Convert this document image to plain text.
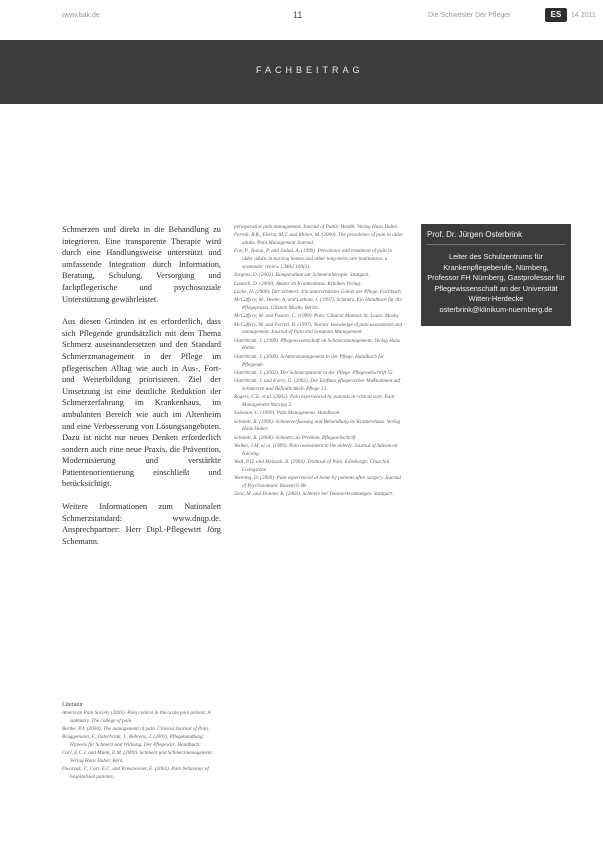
www.bak.de	11	Die Schwester Der Pfleger	ES	14 2011
FACHBEITRAG

Schmerzen und direkt in die Behandlung zu integrieren. Eine transparente Therapie wird durch eine Handlungsweise unterstützt und umfassende Integration durch Information, Beratung, Schulung, Versorgung und fachpflegerische und psychosoziale Unterstützung gewährleistet.

Aus diesen Gründen ist es erforderlich, dass sich Pflegende grundsätzlich mit dem Thema Schmerz auseinandersetzen und den Standard Schmerzmanagement in der Pflege im pflegerischen Alltag wie auch in Aus-, Fort- und Weiterbildung priorisieren. Ziel der Umsetzung ist eine deutliche Reduktion der Schmerzerfahrung im Krankenhaus, im ambulanten Bereich wie auch im Altenheim und eine Verbesserung von Lösungsangeboten. Dazu ist nicht nur neues Denken erforderlich sondern auch eine neue Praxis, die Prävention, Modernisierung und verstärkte Patientenorientierung einschließt und berücksichtigt.

Weitere Informationen zum Nationalen Schmerzstandard: www.dnqp.de. Ansprechpartner: Herr Dipl.-Pflegewirt Jörg Schemann.

Literatur
American Pain Society (2005). Pain control in the acute pain patient. A summary. The college of pain.
Bertke, P.J. (2004). The management of pain. Clinical Journal of Pain.
Brüggemann, F., Osterbrink, J., Behrens, J. (2002). Pflegehandlung: Hinweis für Schmerz und Wirkung. Der Pflegewirt, Handbuch.
Carr, E.C.J. and Mann, E.M. (2000). Schmerz und Schmerzmanagement. Verlag Hans Huber, Bern.
Dworzak, T., Carr, E.C. and Kreuzwieser, E. (2003). Pain behaviour of hospitalised patients.
perioperative pain management. Journal of Public Health. Verlag Hans Huber.
Ferrell, B.R., Eberts, M.T. and Rhiner, M. (2000). The prevalence of pain in older adults. Pain Management Journal.
Fox, P., Raina, P. and Jadad, A. (1999). Prevalence and treatment of pain in older adults in nursing homes and other long-term care institutions: a systematic review. CMAJ 160(3).
Jurgens, D. (2002). Kompendium zur Schmerztherapie. Stuttgart.
Laatsch, D. (2000). Akuter im Krankenhaus. Kliniken Verlag.
Lücke, H. (2000). Der Schmerz. Ein unterschätztes Gebiet der Pflege. Fachbuch.
McCaffery, M., Beebe, A. and Latham, J. (1997). Schmerz. Ein Handbuch für die Pflegepraxis. Ullstein Mosby, Berlin.
McCaffery, M. and Pasero, C. (1999). Pain: Clinical Manual. St. Louis: Mosby.
McCaffery, M. and Ferrell, B. (1997). Nurses' knowledge of pain assessment and management. Journal of Pain and Symptom Management.
Osterbrink, J. (1999). Pflegewissenschaft im Schmerzmanagement. Verlag Hans Huber.
Osterbrink, J. (2000). Schmerzmanagement in der Pflege. Handbuch für Pflegende.
Osterbrink, J. (2002). Der Schmerzpatient in der Pflege. Pflegezeitschrift 55.
Osterbrink, J. und Evers, G. (2002). Der Einfluss pflegerischer Maßnahmen auf Schmerzen und Befindlichkeit. Pflege 13.
Rogers, C.E. et al. (2002). Pain experienced by patients in critical care. Pain Management Nursing 3.
Salomon, L. (1999). Pain Management. Handbook.
Schmidt, R. (1999). Schmerzerfassung und Behandlung im Krankenhaus. Verlag Hans Huber.
Schmidt, R. (2000). Schmerz als Problem. Pflegezeitschrift.
Walker, J.M. et al. (1999). Pain assessment in the elderly. Journal of Advanced Nursing.
Wall, P.D. and Melzack, R. (1994). Textbook of Pain. Edinburgh: Churchill Livingstone.
Wareing, D. (2000). Pain experienced at home by patients after surgery. Journal of Psychosomatic Research 48.
Zens, M. and Donner, B. (2003). Schmerz bei Tumorerkrankungen. Stuttgart.
Prof. Dr. Jürgen Osterbrink

Leiter des Schulzentrums für Krankenpflegeberufe, Nürnberg, Professor FH Nürnberg, Gastprofessor für Pflegewissenschaft an der Universität Witten-Herdecke

osterbrink@klinikum-nuernberg.de
